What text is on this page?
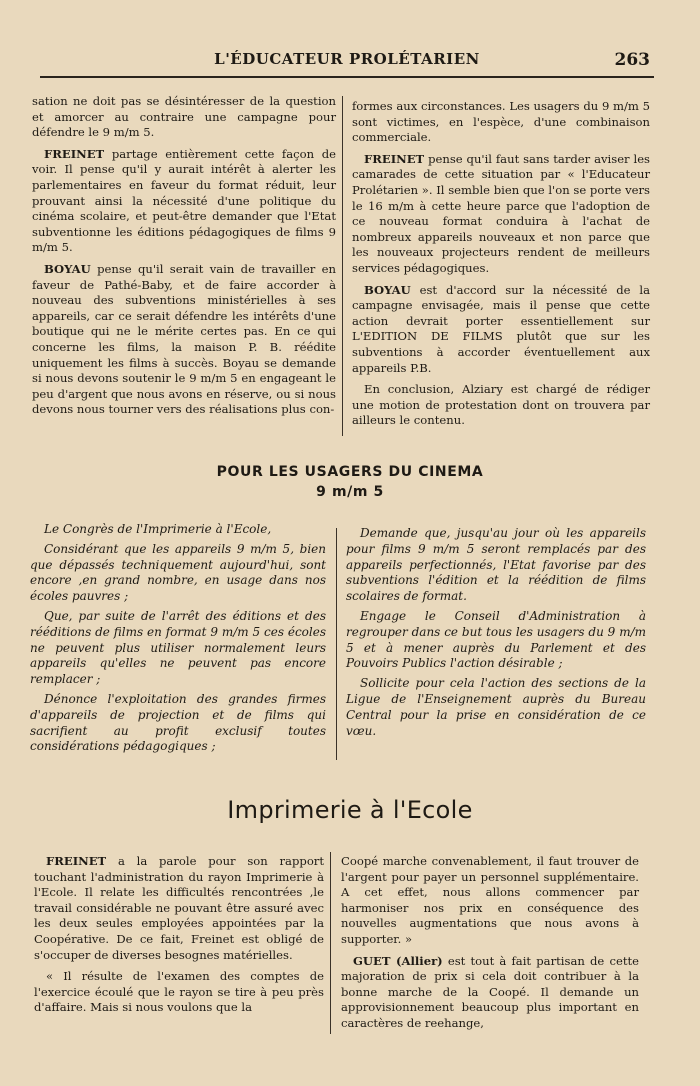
L'ÉDUCATEUR PROLÉTARIEN	263

sation ne doit pas se désintéresser de la question et amorcer au contraire une campagne pour défendre le 9 m/m 5.

FREINET partage entièrement cette façon de voir. Il pense qu'il y aurait intérêt à alerter les parlementaires en faveur du format réduit, leur prouvant ainsi la nécessité d'une politique du cinéma scolaire, et peut-être demander que l'Etat subventionne les éditions pédagogiques de films 9 m/m 5.

BOYAU pense qu'il serait vain de travailler en faveur de Pathé-Baby, et de faire accorder à nouveau des subventions ministérielles à ses appareils, car ce serait défendre les intérêts d'une boutique qui ne le mérite certes pas. En ce qui concerne les films, la maison P. B. réédite uniquement les films à succès. Boyau se demande si nous devons soutenir le 9 m/m 5 en engageant le peu d'argent que nous avons en réserve, ou si nous devons nous tourner vers des réalisations plus con-

formes aux circonstances. Les usagers du 9 m/m 5 sont victimes, en l'espèce, d'une combinaison commerciale.

FREINET pense qu'il faut sans tarder aviser les camarades de cette situation par « l'Educateur Prolétarien ». Il semble bien que l'on se porte vers le 16 m/m à cette heure parce que l'adoption de ce nouveau format conduira à l'achat de nombreux appareils nouveaux et non parce que les nouveaux projecteurs rendent de meilleurs services pédagogiques.

BOYAU est d'accord sur la nécessité de la campagne envisagée, mais il pense que cette action devrait porter essentiellement sur L'EDITION DE FILMS plutôt que sur les subventions à accorder éventuellement aux appareils P.B.

En conclusion, Alziary est chargé de rédiger une motion de protestation dont on trouvera par ailleurs le contenu.

POUR LES USAGERS DU CINEMA
9 m/m 5

Le Congrès de l'Imprimerie à l'Ecole,

Considérant que les appareils 9 m/m 5, bien que dépassés techniquement aujourd'hui, sont encore ,en grand nombre, en usage dans nos écoles pauvres ;

Que, par suite de l'arrêt des éditions et des rééditions de films en format 9 m/m 5 ces écoles ne peuvent plus utiliser normalement leurs appareils qu'elles ne peuvent pas encore remplacer ;

Dénonce l'exploitation des grandes firmes d'appareils de projection et de films qui sacrifient au profit exclusif toutes considérations pédagogiques ;

Demande que, jusqu'au jour où les appareils pour films 9 m/m 5 seront remplacés par des appareils perfectionnés, l'Etat favorise par des subventions l'édition et la réédition de films scolaires de format.

Engage le Conseil d'Administration à regrouper dans ce but tous les usagers du 9 m/m 5 et à mener auprès du Parlement et des Pouvoirs Publics l'action désirable ;

Sollicite pour cela l'action des sections de la Ligue de l'Enseignement auprès du Bureau Central pour la prise en considération de ce vœu.

Imprimerie à l'Ecole

FREINET a la parole pour son rapport touchant l'administration du rayon Imprimerie à l'Ecole. Il relate les difficultés rencontrées ,le travail considérable ne pouvant être assuré avec les deux seules employées appointées par la Coopérative. De ce fait, Freinet est obligé de s'occuper de diverses besognes matérielles.

« Il résulte de l'examen des comptes de l'exercice écoulé que le rayon se tire à peu près d'affaire. Mais si nous voulons que la

Coopé marche convenablement, il faut trouver de l'argent pour payer un personnel supplémentaire. A cet effet, nous allons commencer par harmoniser nos prix en conséquence des nouvelles augmentations que nous avons à supporter. »

GUET (Allier) est tout à fait partisan de cette majoration de prix si cela doit contribuer à la bonne marche de la Coopé. Il demande un approvisionnement beaucoup plus important en caractères de reehange,
